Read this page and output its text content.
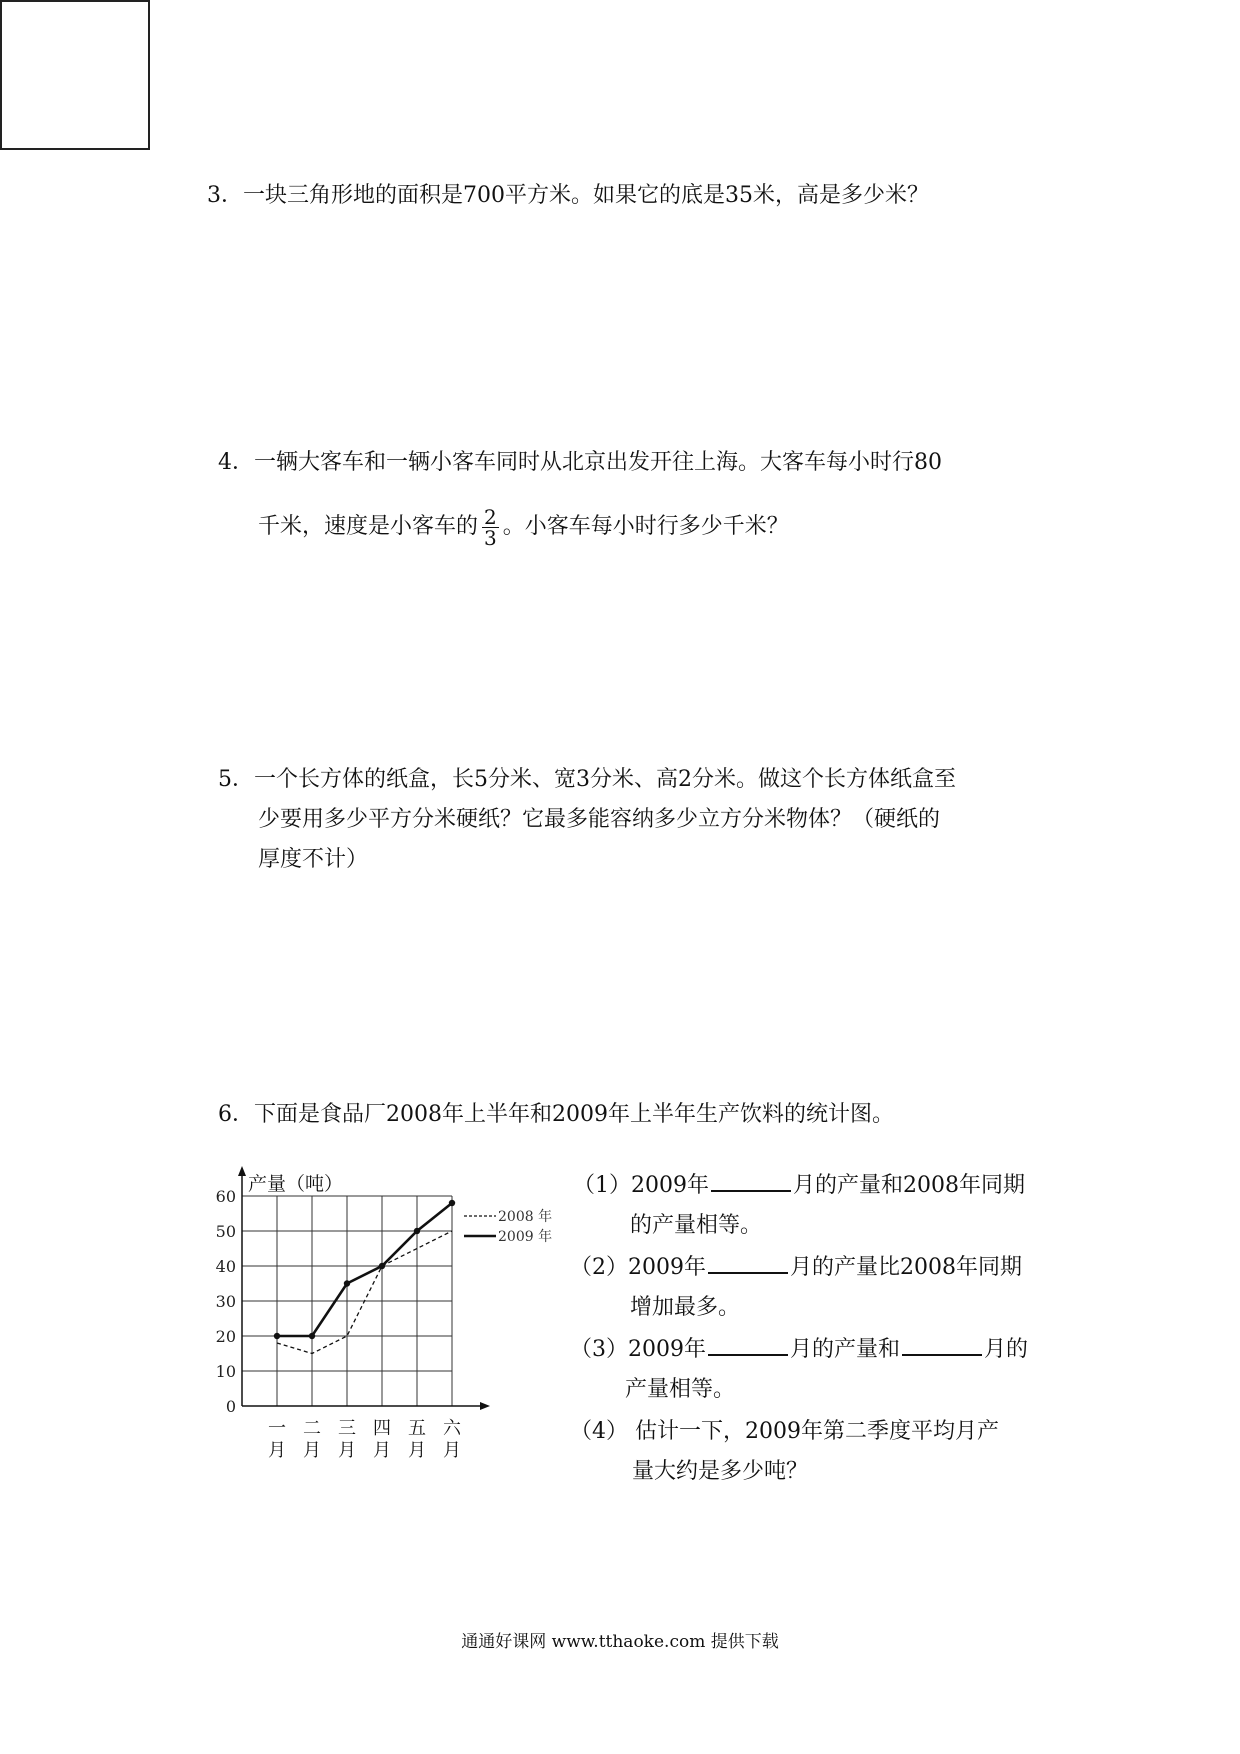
3．一块三角形地的面积是700平方米。如果它的底是35米，高是多少米？
4．一辆大客车和一辆小客车同时从北京出发开往上海。大客车每小时行80
千米，速度是小客车的 $\frac{2}{3}$ 。小客车每小时行多少千米？
5．一个长方体的纸盒，长5分米、宽3分米、高2分米。做这个长方体纸盒至
少要用多少平方分米硬纸？它最多能容纳多少立方分米物体？（硬纸的
厚度不计）
6．下面是食品厂2008年上半年和2009年上半年生产饮料的统计图。
0
10
20
30
40
50
60
产量（吨）
一
月
二
月
三
月
四
月
五
月
六
月
2008 年
2009 年
（1）2009年	月的产量和2008年同期
的产量相等。
（2）2009年	月的产量比2008年同期
增加最多。
（3）2009年	月的产量和	月的
产量相等。
（4） 估计一下，2009年第二季度平均月产
量大约是多少吨？
通通好课网 www.tthaoke.com 提供下载
